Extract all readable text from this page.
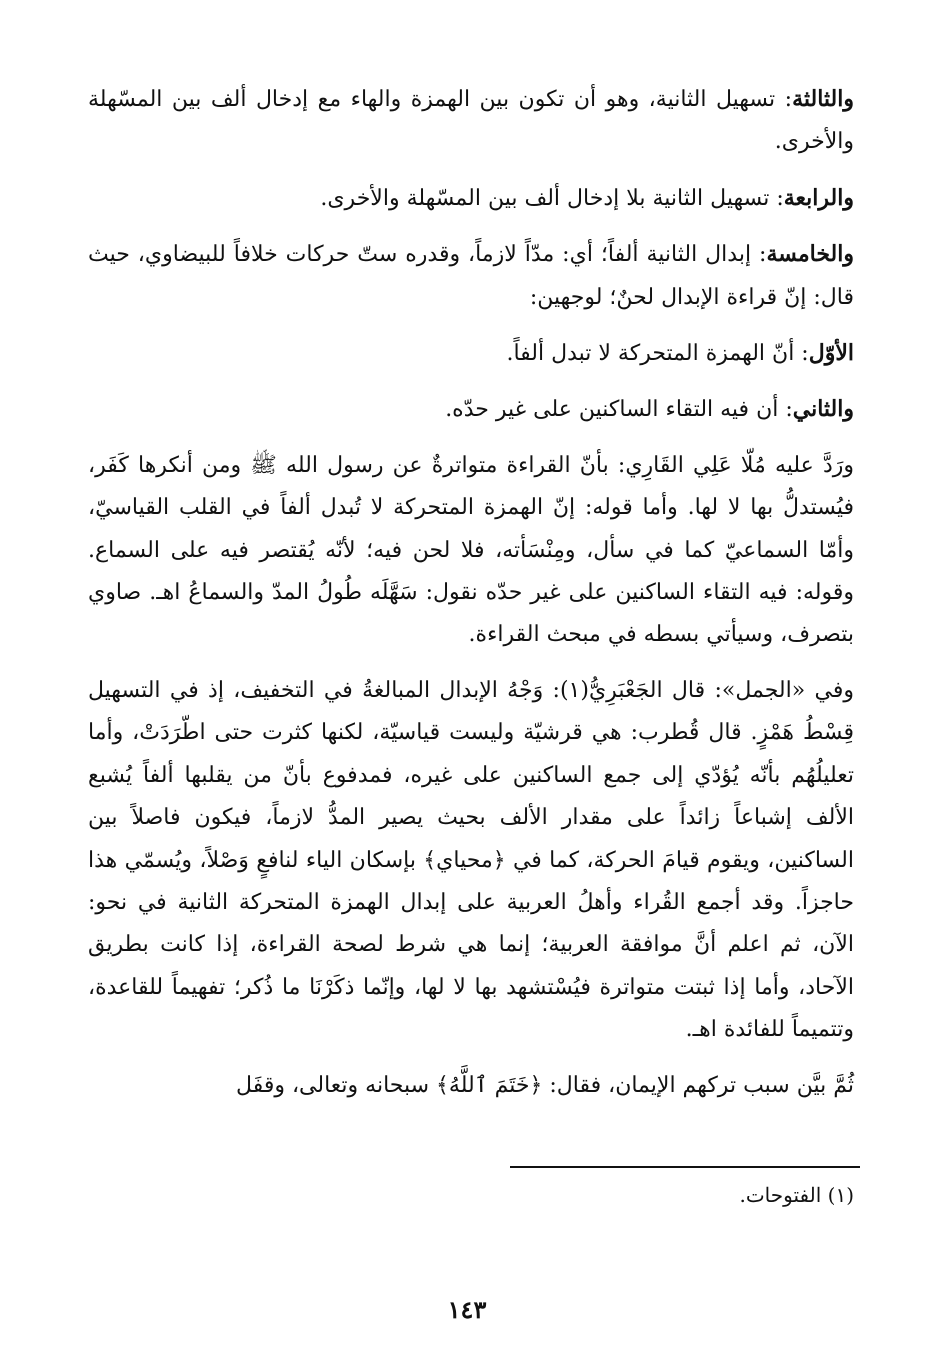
والثالثة: تسهيل الثانية، وهو أن تكون بين الهمزة والهاء مع إدخال ألف بين المسّهلة والأخرى.

والرابعة: تسهيل الثانية بلا إدخال ألف بين المسّهلة والأخرى.

والخامسة: إبدال الثانية ألفاً؛ أي: مدّاً لازماً، وقدره ستّ حركات خلافاً للبيضاوي، حيث قال: إنّ قراءة الإبدال لحنٌ؛ لوجهين:

الأوّل: أنّ الهمزة المتحركة لا تبدل ألفاً.

والثاني: أن فيه التقاء الساكنين على غير حدّه.

ورَدَّ عليه مُلّا عَلِي القَارِي: بأنّ القراءة متواترةٌ عن رسول الله ﷺ ومن أنكرها كَفَر، فيُستدلُّ بها لا لها. وأما قوله: إنّ الهمزة المتحركة لا تُبدل ألفاً في القلب القياسيّ، وأمّا السماعيّ كما في سأل، ومِنْسَأته، فلا لحن فيه؛ لأنّه يُقتصر فيه على السماع. وقوله: فيه التقاء الساكنين على غير حدّه نقول: سَهَّلَه طُولُ المدّ والسماعُ اهـ. صاوي بتصرف، وسيأتي بسطه في مبحث القراءة.

وفي «الجمل»: قال الجَعْبَرِيُّ(١): وَجْهُ الإبدال المبالغةُ في التخفيف، إذ في التسهيل قِسْطُ هَمْزٍ. قال قُطرب: هي قرشيّة وليست قياسيّة، لكنها كثرت حتى اطّرَدَتْ، وأما تعليلُهُم بأنّه يُؤدّي إلى جمع الساكنين على غيره، فمدفوع بأنّ من يقلبها ألفاً يُشبع الألف إشباعاً زائداً على مقدار الألف بحيث يصير المدُّ لازماً، فيكون فاصلاً بين الساكنين، ويقوم قيامَ الحركة، كما في ﴿محياي﴾ بإسكان الياء لنافعٍ وَصْلاً، ويُسمّي هذا حاجزاً. وقد أجمع القُراء وأهلُ العربية على إبدال الهمزة المتحركة الثانية في نحو: الآن، ثم اعلم أنَّ موافقة العربية؛ إنما هي شرط لصحة القراءة، إذا كانت بطريق الآحاد، وأما إذا ثبتت متواترة فيُسْتشهد بها لا لها، وإنّما ذكَرْنَا ما ذُكر؛ تفهيماً للقاعدة، وتتميماً للفائدة اهـ.

ثُمَّ بيَّن سبب تركهم الإيمان، فقال: ﴿خَتَمَ ٱللَّهُ﴾ سبحانه وتعالى، وقفَل

(١) الفتوحات.
١٤٣
